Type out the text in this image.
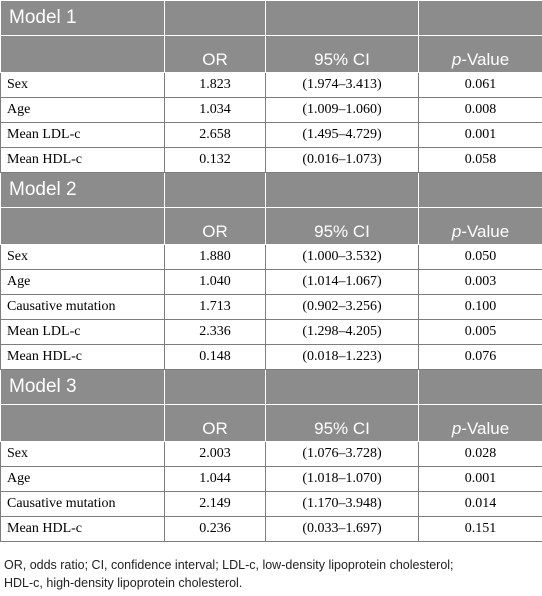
Model 1			
	OR	95% CI	p-Value
Sex	1.823	(1.974–3.413)	0.061
Age	1.034	(1.009–1.060)	0.008
Mean LDL-c	2.658	(1.495–4.729)	0.001
Mean HDL-c	0.132	(0.016–1.073)	0.058
Model 2			
	OR	95% CI	p-Value
Sex	1.880	(1.000–3.532)	0.050
Age	1.040	(1.014–1.067)	0.003
Causative mutation	1.713	(0.902–3.256)	0.100
Mean LDL-c	2.336	(1.298–4.205)	0.005
Mean HDL-c	0.148	(0.018–1.223)	0.076
Model 3			
	OR	95% CI	p-Value
Sex	2.003	(1.076–3.728)	0.028
Age	1.044	(1.018–1.070)	0.001
Causative mutation	2.149	(1.170–3.948)	0.014
Mean HDL-c	0.236	(0.033–1.697)	0.151
OR, odds ratio; CI, confidence interval; LDL-c, low-density lipoprotein cholesterol;
HDL-c, high-density lipoprotein cholesterol.
